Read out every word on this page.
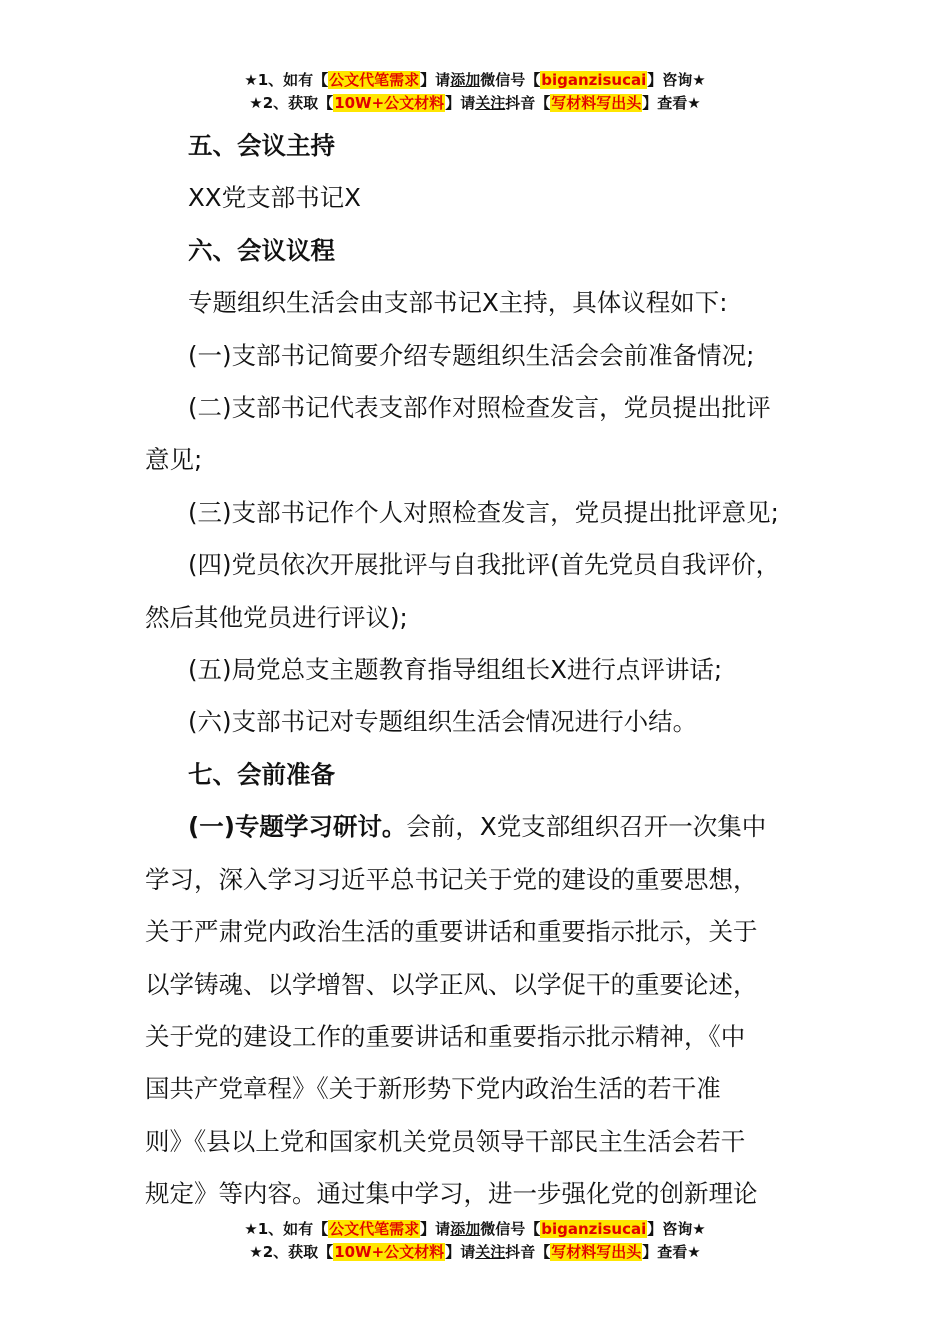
★1、如有【公文代笔需求】请添加微信号【biganzisucai】咨询★
★2、获取【10W+公文材料】请关注抖音【写材料写出头】查看★
五、会议主持
XX党支部书记X
六、会议议程
专题组织生活会由支部书记X主持，具体议程如下:
(一)支部书记简要介绍专题组织生活会会前准备情况;
(二)支部书记代表支部作对照检查发言，党员提出批评
意见;
(三)支部书记作个人对照检查发言，党员提出批评意见;
(四)党员依次开展批评与自我批评(首先党员自我评价，
然后其他党员进行评议);
(五)局党总支主题教育指导组组长X进行点评讲话;
(六)支部书记对专题组织生活会情况进行小结。
七、会前准备
(一)专题学习研讨。会前，X党支部组织召开一次集中
学习，深入学习习近平总书记关于党的建设的重要思想，
关于严肃党内政治生活的重要讲话和重要指示批示，关于
以学铸魂、以学增智、以学正风、以学促干的重要论述，
关于党的建设工作的重要讲话和重要指示批示精神，《中
国共产党章程》《关于新形势下党内政治生活的若干准
则》《县以上党和国家机关党员领导干部民主生活会若干
规定》等内容。通过集中学习，进一步强化党的创新理论
★1、如有【公文代笔需求】请添加微信号【biganzisucai】咨询★
★2、获取【10W+公文材料】请关注抖音【写材料写出头】查看★
